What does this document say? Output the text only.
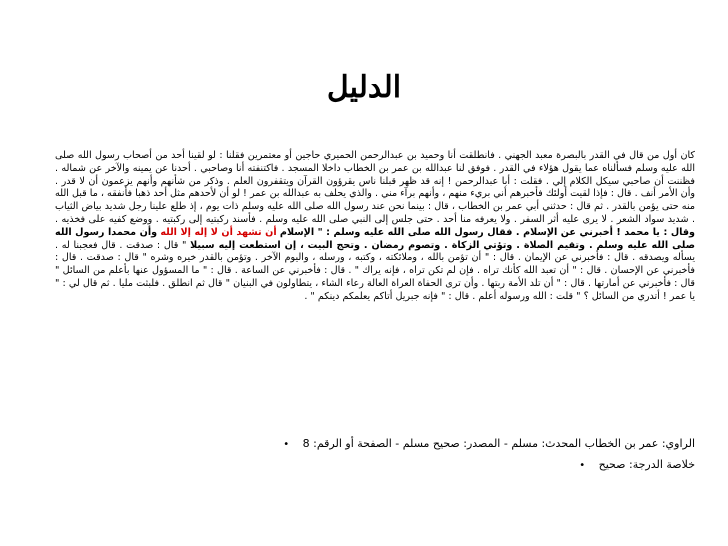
الدليل
كان أول من قال في القدر بالبصرة معبد الجهني . فانطلقت أنا وحميد بن عبدالرحمن الحميري حاجين أو معتمرين فقلنا : لو لقينا أحد من أصحاب رسول الله صلى الله عليه وسلم فسألناه عما يقول هؤلاء في القدر . فوفق لنا عبدالله بن عمر بن الخطاب داخلا المسجد . فاكتنفته أنا وصاحبي . أحدنا عن يمينه والآخر عن شماله . فظننت أن صاحبي سيكل الكلام إلي . فقلت : أبا عبدالرحمن ! إنه قد ظهر قبلنا ناس يقرؤون القرآن ويتقفرون العلم . وذكر من شأنهم وأنهم يزعمون أن لا قدر . وأن الأمر أنف . قال : فإذا لقيت أولئك فأخبرهم أني بريء منهم ، وأنهم برآء مني . والذي يحلف به عبدالله بن عمر ! لو أن لأحدهم مثل أحد ذهبا فأنفقه ، ما قبل الله منه حتى يؤمن بالقدر . ثم قال : حدثني أبي عمر بن الخطاب ، قال : بينما نحن عند رسول الله صلى الله عليه وسلم ذات يوم ، إذ طلع علينا رجل شديد بياض الثياب . شديد سواد الشعر . لا يرى عليه أثر السفر . ولا يعرفه منا أحد . حتى جلس إلى النبي صلى الله عليه وسلم . فأسند ركبتيه إلى ركبتيه . ووضع كفيه على فخذيه . وقال : يا محمد ! أخبرني عن الإسلام . فقال رسول الله صلى الله عليه وسلم : " الإسلام أن تشهد أن لا إله إلا الله وأن محمدا رسول الله صلى الله عليه وسلم . وتقيم الصلاة . وتؤتي الزكاة . وتصوم رمضان . وتحج البيت ، إن استطعت إليه سبيلا " قال : صدقت . قال فعجبنا له . يسأله ويصدقه . قال : فأخبرني عن الإيمان . قال : " أن تؤمن بالله ، وملائكته ، وكتبه ، ورسله ، واليوم الآخر . وتؤمن بالقدر خيره وشره " قال : صدقت . قال : فأخبرني عن الإحسان . قال : " أن تعبد الله كأنك تراه . فإن لم تكن تراه ، فإنه يراك " . قال : فأخبرني عن الساعة . قال : " ما المسؤول عنها بأعلم من السائل " قال : فأخبرني عن أمارتها . قال : " أن تلد الأمة ربتها . وأن ترى الحفاة العراة العالة رعاء الشاء ، يتطاولون في البنيان " قال ثم انطلق . فلبثت مليا . ثم قال لي : " يا عمر ! أتدري من السائل ؟ " قلت : الله ورسوله أعلم . قال : " فإنه جبريل أتاكم يعلمكم دينكم " .
الراوي: عمر بن الخطاب المحدث: مسلم - المصدر: صحيح مسلم - الصفحة أو الرقم: 8 •
خلاصة الدرجة: صحيح •
